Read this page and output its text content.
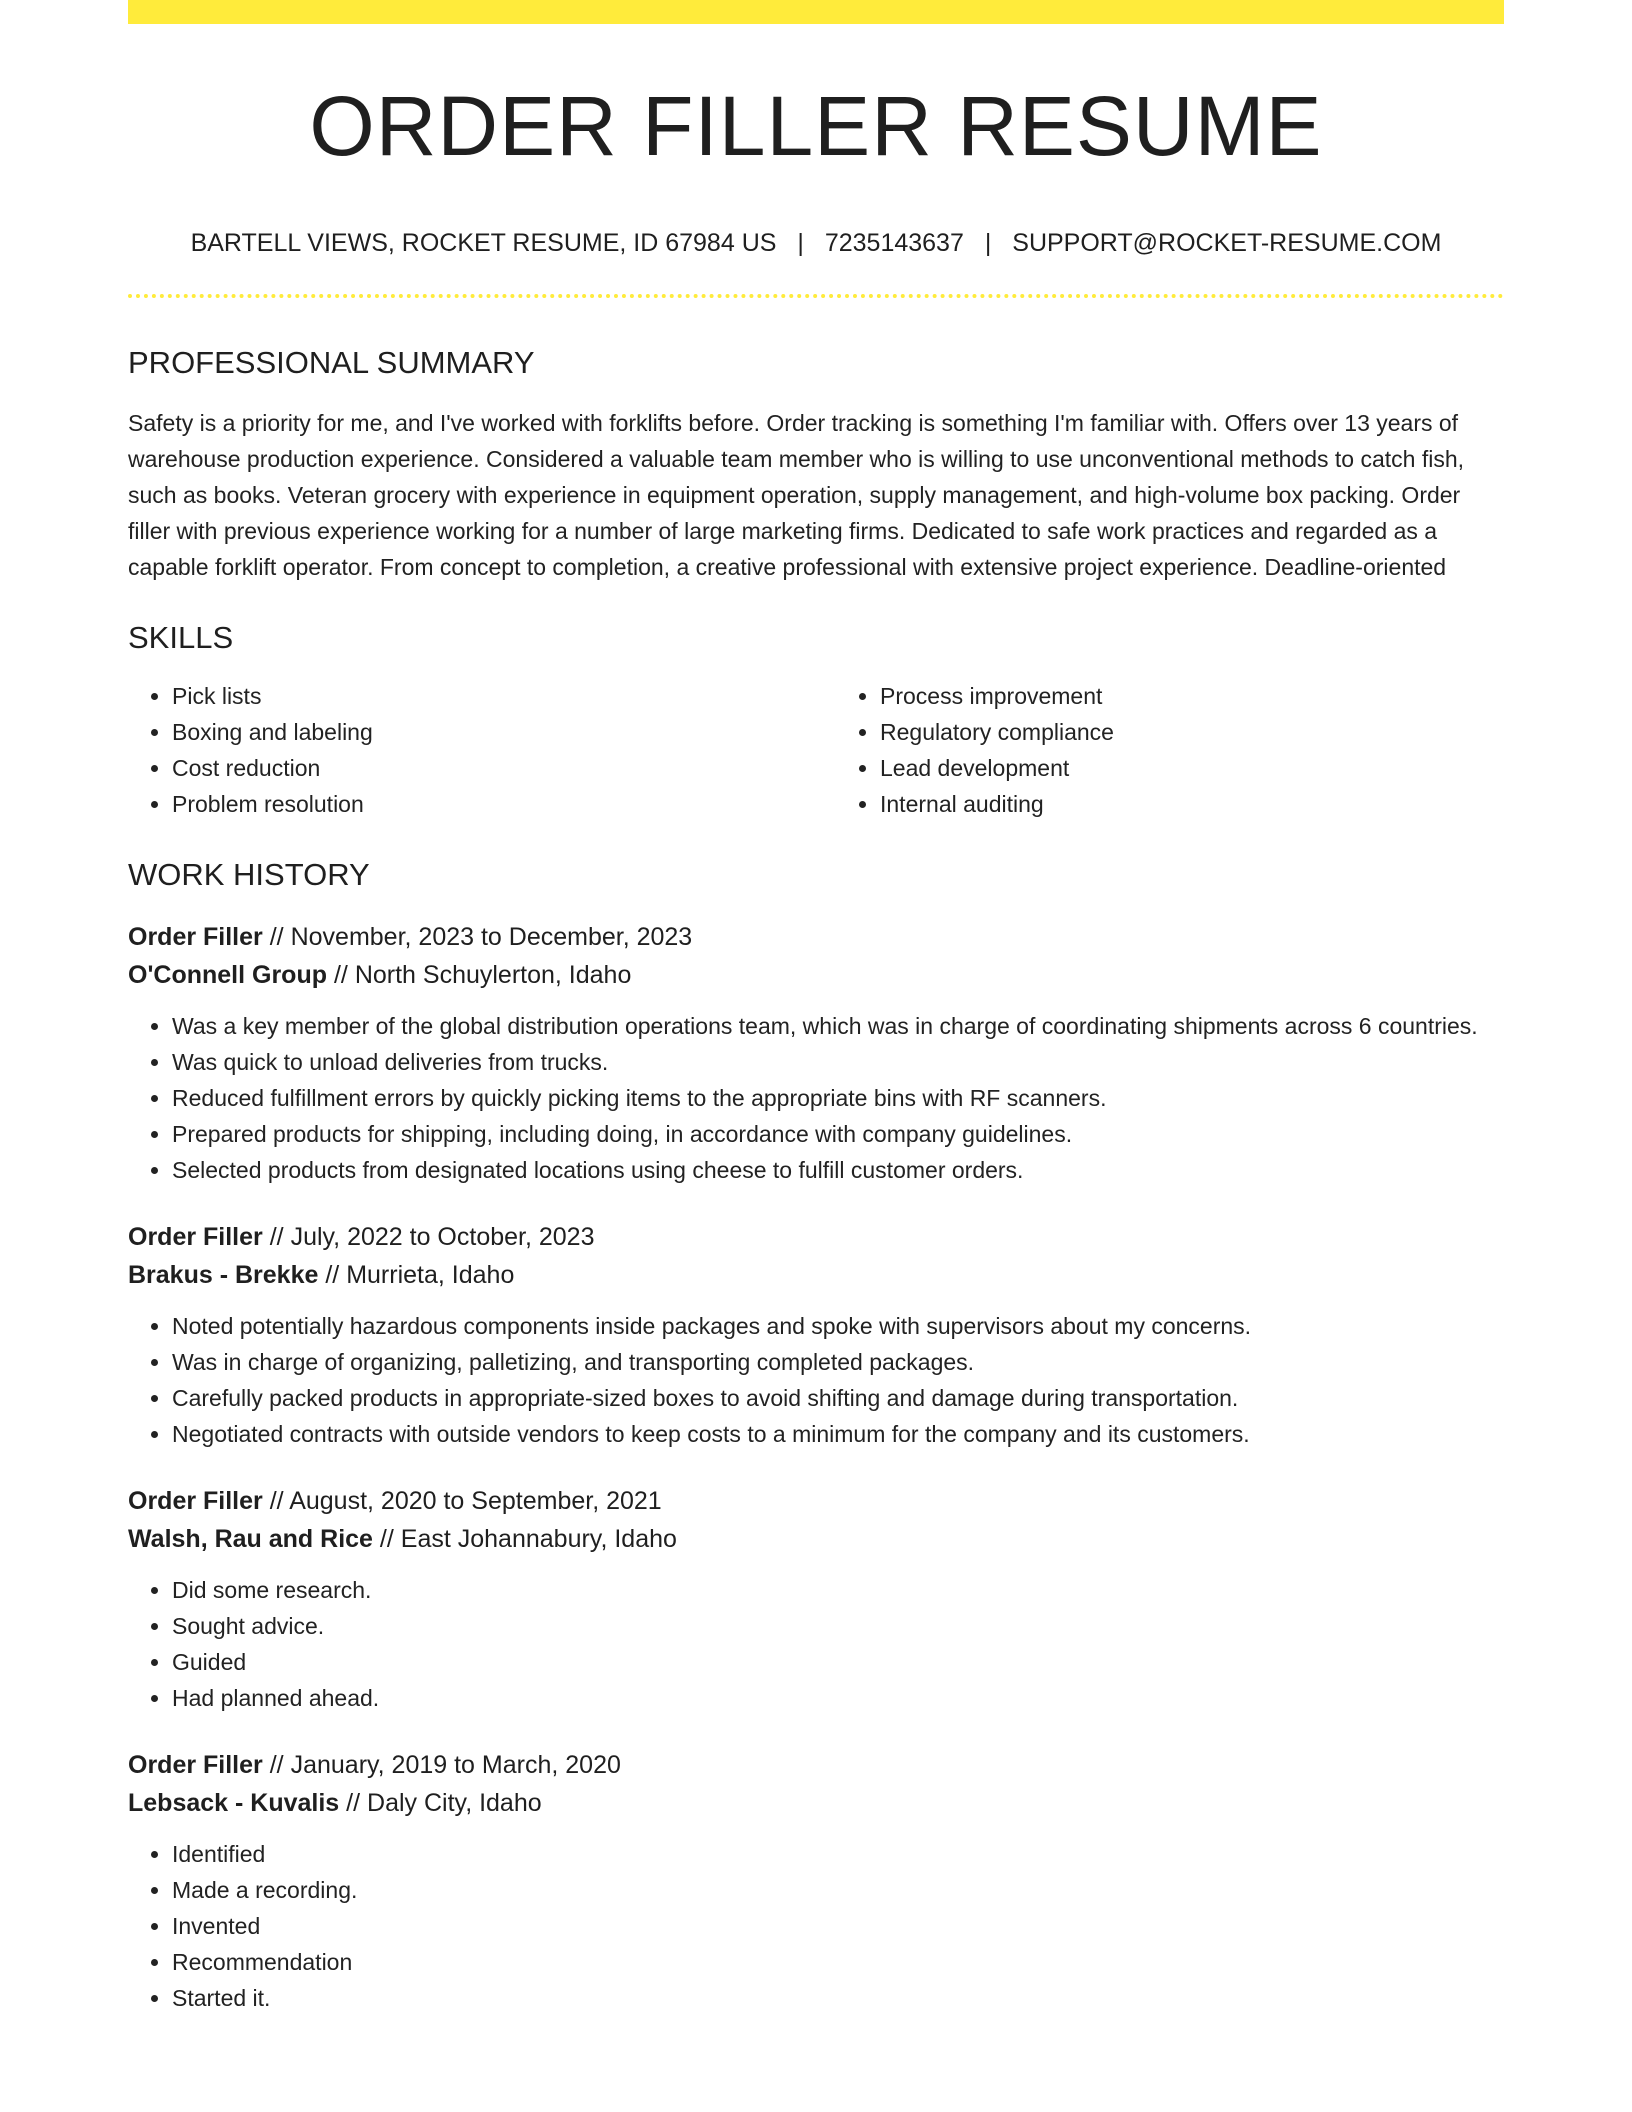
ORDER FILLER RESUME
BARTELL VIEWS, ROCKET RESUME, ID 67984 US | 7235143637 | SUPPORT@ROCKET-RESUME.COM
PROFESSIONAL SUMMARY
Safety is a priority for me, and I've worked with forklifts before. Order tracking is something I'm familiar with. Offers over 13 years of warehouse production experience. Considered a valuable team member who is willing to use unconventional methods to catch fish, such as books. Veteran grocery with experience in equipment operation, supply management, and high-volume box packing. Order filler with previous experience working for a number of large marketing firms. Dedicated to safe work practices and regarded as a capable forklift operator. From concept to completion, a creative professional with extensive project experience. Deadline-oriented
SKILLS
• Pick lists
• Boxing and labeling
• Cost reduction
• Problem resolution
• Process improvement
• Regulatory compliance
• Lead development
• Internal auditing
WORK HISTORY
Order Filler // November, 2023 to December, 2023
O'Connell Group // North Schuylerton, Idaho
• Was a key member of the global distribution operations team, which was in charge of coordinating shipments across 6 countries.
• Was quick to unload deliveries from trucks.
• Reduced fulfillment errors by quickly picking items to the appropriate bins with RF scanners.
• Prepared products for shipping, including doing, in accordance with company guidelines.
• Selected products from designated locations using cheese to fulfill customer orders.
Order Filler // July, 2022 to October, 2023
Brakus - Brekke // Murrieta, Idaho
• Noted potentially hazardous components inside packages and spoke with supervisors about my concerns.
• Was in charge of organizing, palletizing, and transporting completed packages.
• Carefully packed products in appropriate-sized boxes to avoid shifting and damage during transportation.
• Negotiated contracts with outside vendors to keep costs to a minimum for the company and its customers.
Order Filler // August, 2020 to September, 2021
Walsh, Rau and Rice // East Johannabury, Idaho
• Did some research.
• Sought advice.
• Guided
• Had planned ahead.
Order Filler // January, 2019 to March, 2020
Lebsack - Kuvalis // Daly City, Idaho
• Identified
• Made a recording.
• Invented
• Recommendation
• Started it.
